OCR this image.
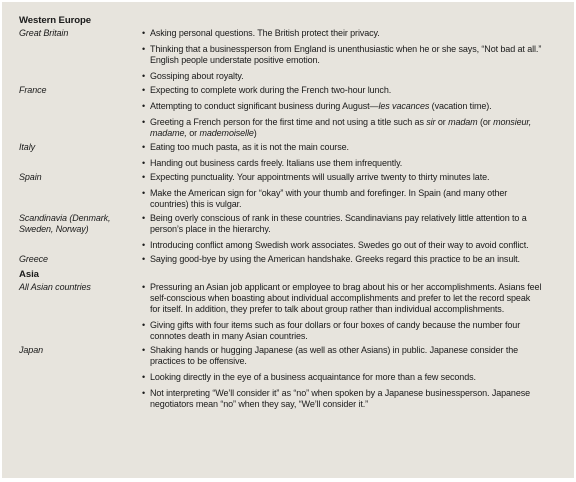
Western Europe
Great Britain	• Asking personal questions. The British protect their privacy.
• Thinking that a businessperson from England is unenthusiastic when he or she says, “Not bad at all.” English people understate positive emotion.
• Gossiping about royalty.
France	• Expecting to complete work during the French two-hour lunch.
• Attempting to conduct significant business during August—les vacances (vacation time).
• Greeting a French person for the first time and not using a title such as sir or madam (or monsieur, madame, or mademoiselle)
Italy	• Eating too much pasta, as it is not the main course.
• Handing out business cards freely. Italians use them infrequently.
Spain	• Expecting punctuality. Your appointments will usually arrive twenty to thirty minutes late.
• Make the American sign for “okay” with your thumb and forefinger. In Spain (and many other countries) this is vulgar.
Scandinavia (Denmark, Sweden, Norway)
• Being overly conscious of rank in these countries. Scandinavians pay relatively little attention to a person’s place in the hierarchy.
• Introducing conflict among Swedish work associates. Swedes go out of their way to avoid conflict.
Greece	• Saying good-bye by using the American handshake. Greeks regard this practice to be an insult.
Asia
All Asian countries	• Pressuring an Asian job applicant or employee to brag about his or her accomplishments. Asians feel self-conscious when boasting about individual accomplishments and prefer to let the record speak for itself. In addition, they prefer to talk about group rather than individual accomplishments.
• Giving gifts with four items such as four dollars or four boxes of candy because the number four connotes death in many Asian countries.
Japan	• Shaking hands or hugging Japanese (as well as other Asians) in public. Japanese consider the practices to be offensive.
• Looking directly in the eye of a business acquaintance for more than a few seconds.
• Not interpreting “We’ll consider it” as “no” when spoken by a Japanese businessperson. Japanese negotiators mean “no” when they say, “We’ll consider it.”
